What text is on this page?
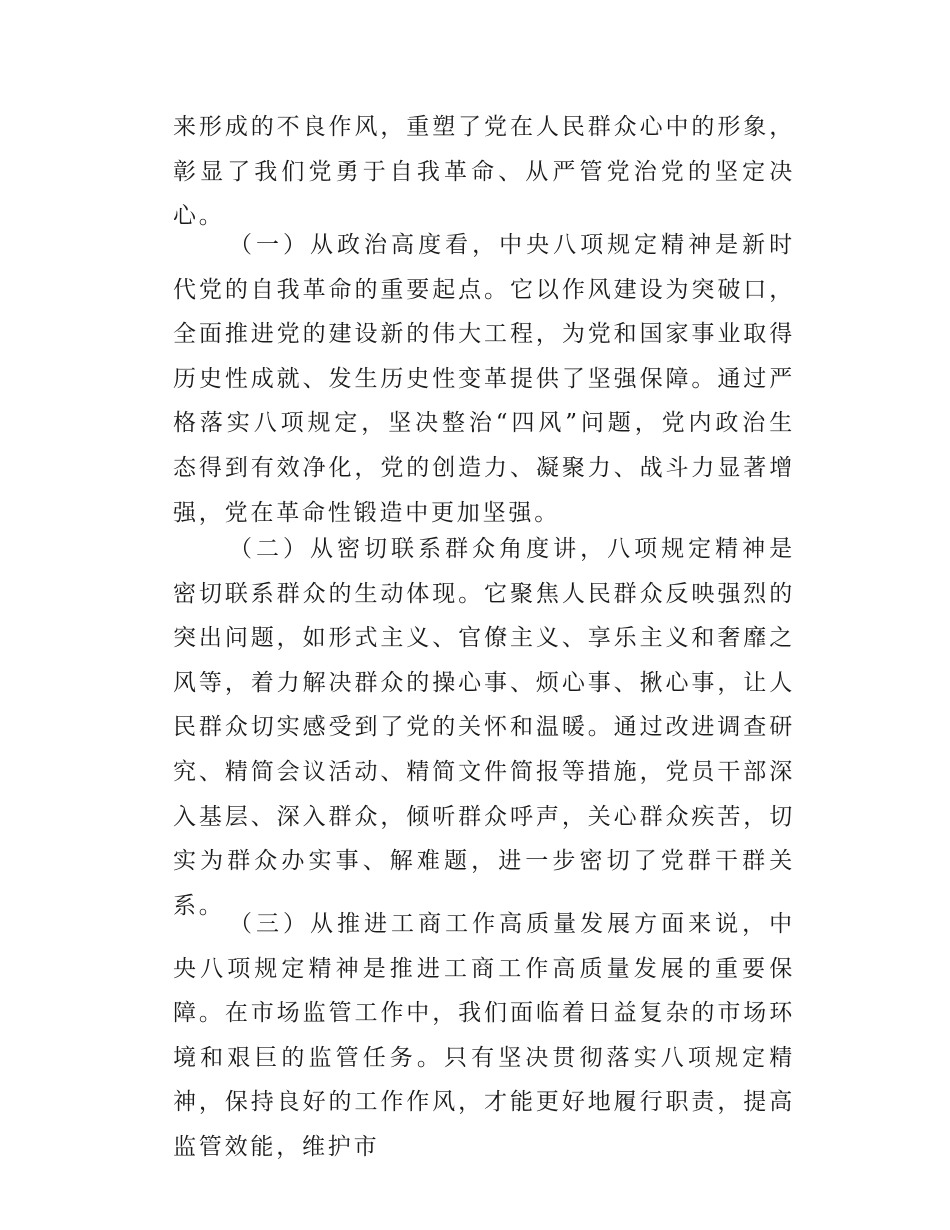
来形成的不良作风，重塑了党在人民群众心中的形象，彰显了我们党勇于自我革命、从严管党治党的坚定决心。

（一）从政治高度看，中央八项规定精神是新时代党的自我革命的重要起点。它以作风建设为突破口，全面推进党的建设新的伟大工程，为党和国家事业取得历史性成就、发生历史性变革提供了坚强保障。通过严格落实八项规定，坚决整治“四风”问题，党内政治生态得到有效净化，党的创造力、凝聚力、战斗力显著增强，党在革命性锻造中更加坚强。

（二）从密切联系群众角度讲，八项规定精神是密切联系群众的生动体现。它聚焦人民群众反映强烈的突出问题，如形式主义、官僚主义、享乐主义和奢靡之风等，着力解决群众的操心事、烦心事、揪心事，让人民群众切实感受到了党的关怀和温暖。通过改进调查研究、精简会议活动、精简文件简报等措施，党员干部深入基层、深入群众，倾听群众呼声，关心群众疾苦，切实为群众办实事、解难题，进一步密切了党群干群关系。

（三）从推进工商工作高质量发展方面来说，中央八项规定精神是推进工商工作高质量发展的重要保障。在市场监管工作中，我们面临着日益复杂的市场环境和艰巨的监管任务。只有坚决贯彻落实八项规定精神，保持良好的工作作风，才能更好地履行职责，提高监管效能，维护市
